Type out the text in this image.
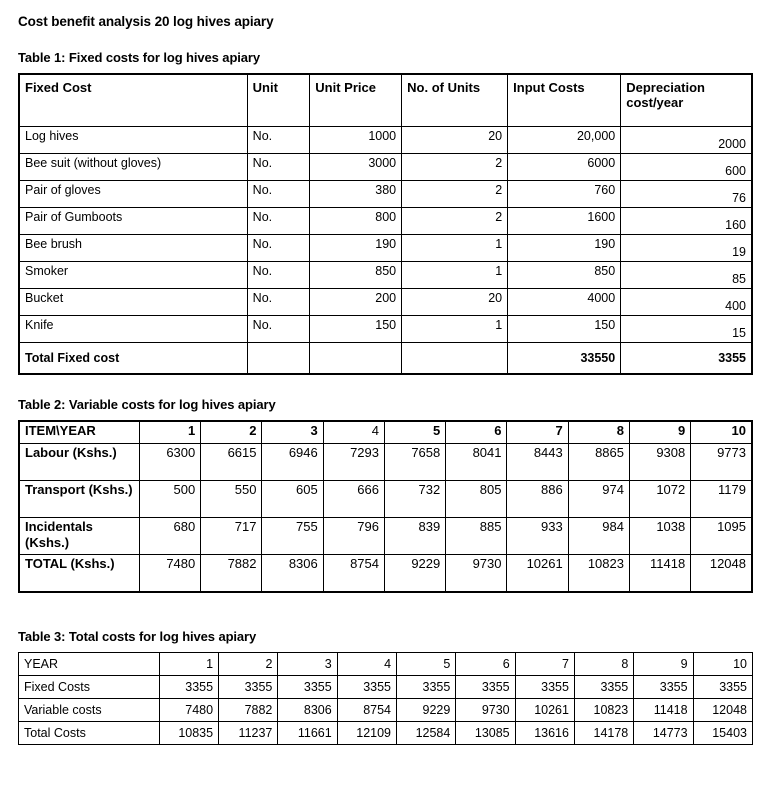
Cost benefit analysis 20 log hives apiary
Table 1: Fixed costs for log hives apiary
Fixed Cost	Unit	Unit Price	No. of Units	Input Costs	Depreciation cost/year
Log hives	No.	1000	20	20,000	2000
Bee suit (without gloves)	No.	3000	2	6000	600
Pair of gloves	No.	380	2	760	76
Pair of Gumboots	No.	800	2	1600	160
Bee brush	No.	190	1	190	19
Smoker	No.	850	1	850	85
Bucket	No.	200	20	4000	400
Knife	No.	150	1	150	15
Total Fixed cost				33550	3355
Table 2: Variable costs for log hives apiary
ITEM\YEAR	1	2	3	4	5	6	7	8	9	10
Labour (Kshs.)	6300	6615	6946	7293	7658	8041	8443	8865	9308	9773
Transport (Kshs.)	500	550	605	666	732	805	886	974	1072	1179
Incidentals (Kshs.)	680	717	755	796	839	885	933	984	1038	1095
TOTAL (Kshs.)	7480	7882	8306	8754	9229	9730	10261	10823	11418	12048
Table 3: Total costs for log hives apiary
YEAR	1	2	3	4	5	6	7	8	9	10
Fixed Costs	3355	3355	3355	3355	3355	3355	3355	3355	3355	3355
Variable costs	7480	7882	8306	8754	9229	9730	10261	10823	11418	12048
Total Costs	10835	11237	11661	12109	12584	13085	13616	14178	14773	15403
